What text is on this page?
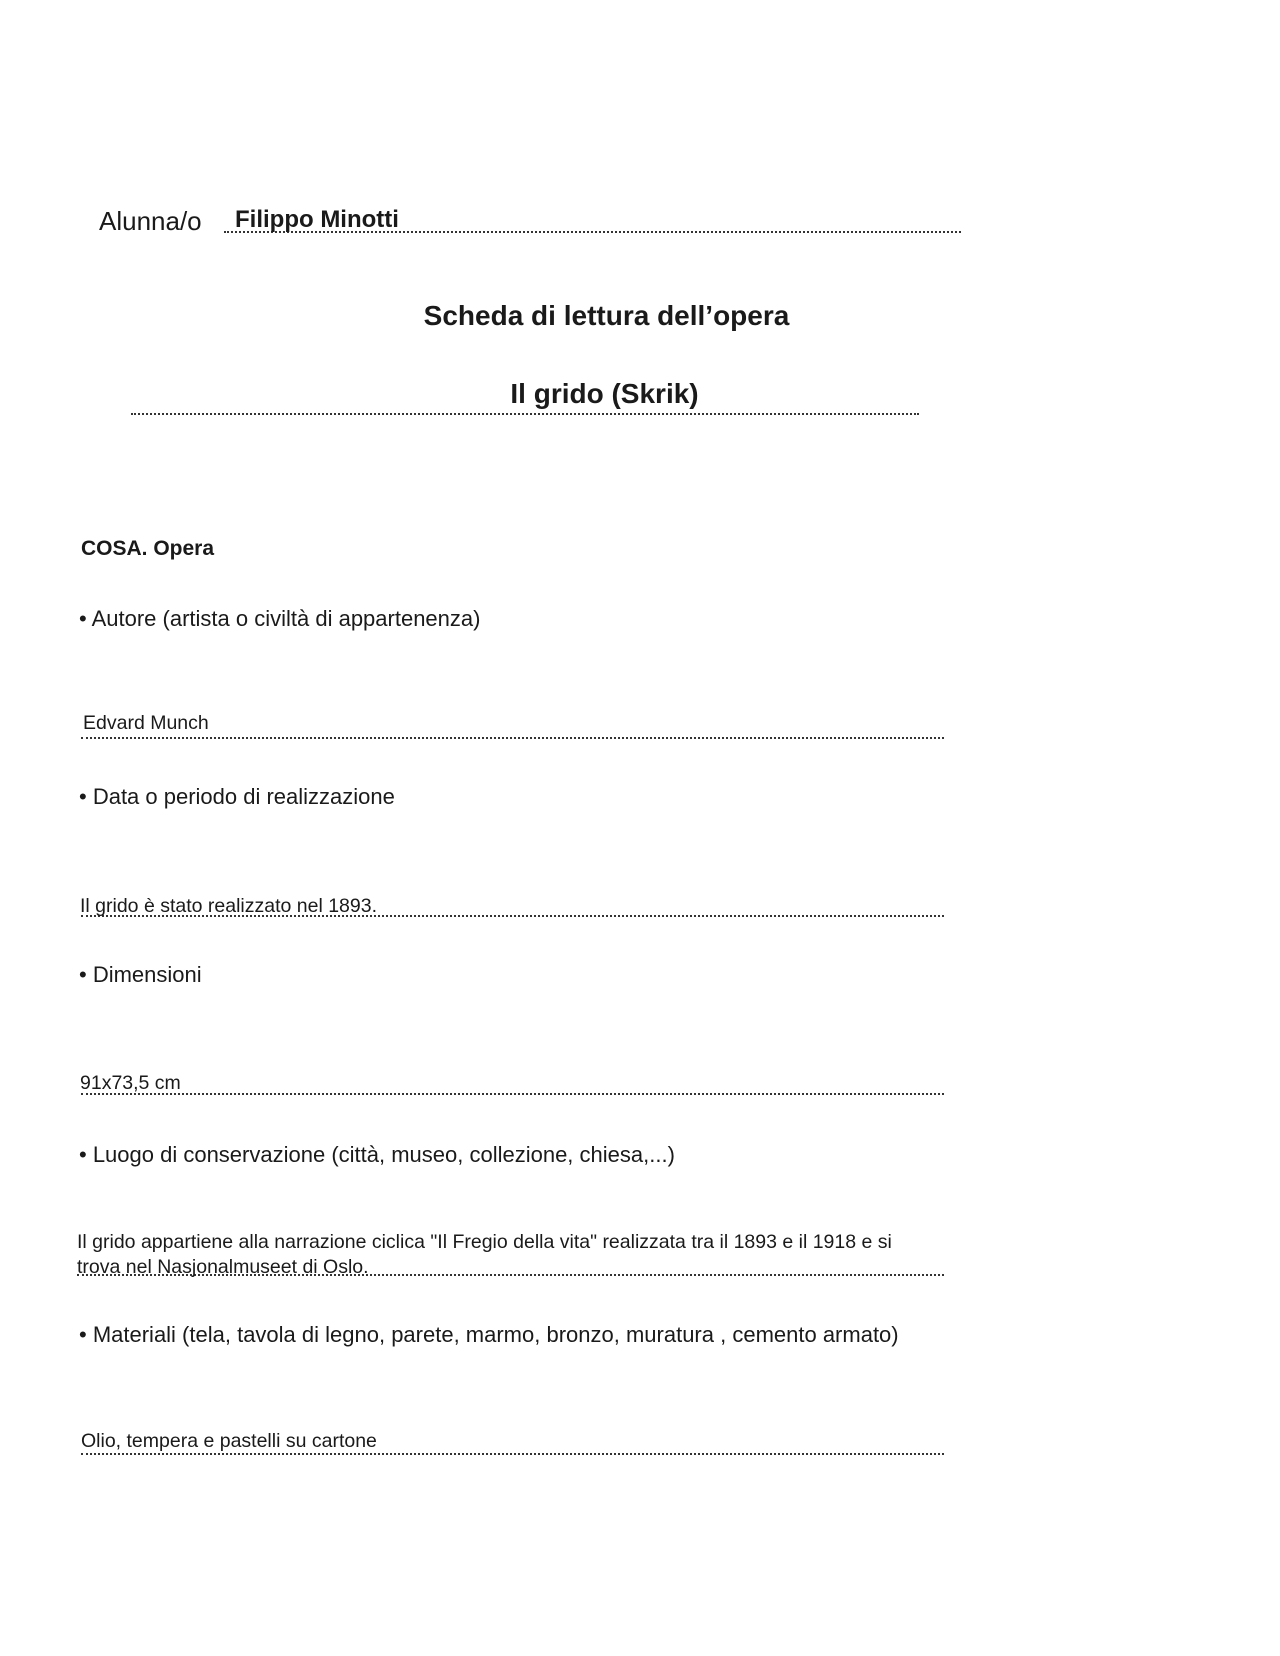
Alunna/o Filippo Minotti
Scheda di lettura dell’opera
Il grido (Skrik)
COSA. Opera
• Autore (artista o civiltà di appartenenza)
Edvard Munch
• Data o periodo di realizzazione
Il grido è stato realizzato nel 1893.
• Dimensioni
91x73,5 cm
• Luogo di conservazione (città, museo, collezione, chiesa,...)
Il grido appartiene alla narrazione ciclica "Il Fregio della vita" realizzata tra il 1893 e il 1918 e si
trova nel Nasjonalmuseet di Oslo.
• Materiali (tela, tavola di legno, parete, marmo, bronzo, muratura , cemento armato)
Olio, tempera e pastelli su cartone
